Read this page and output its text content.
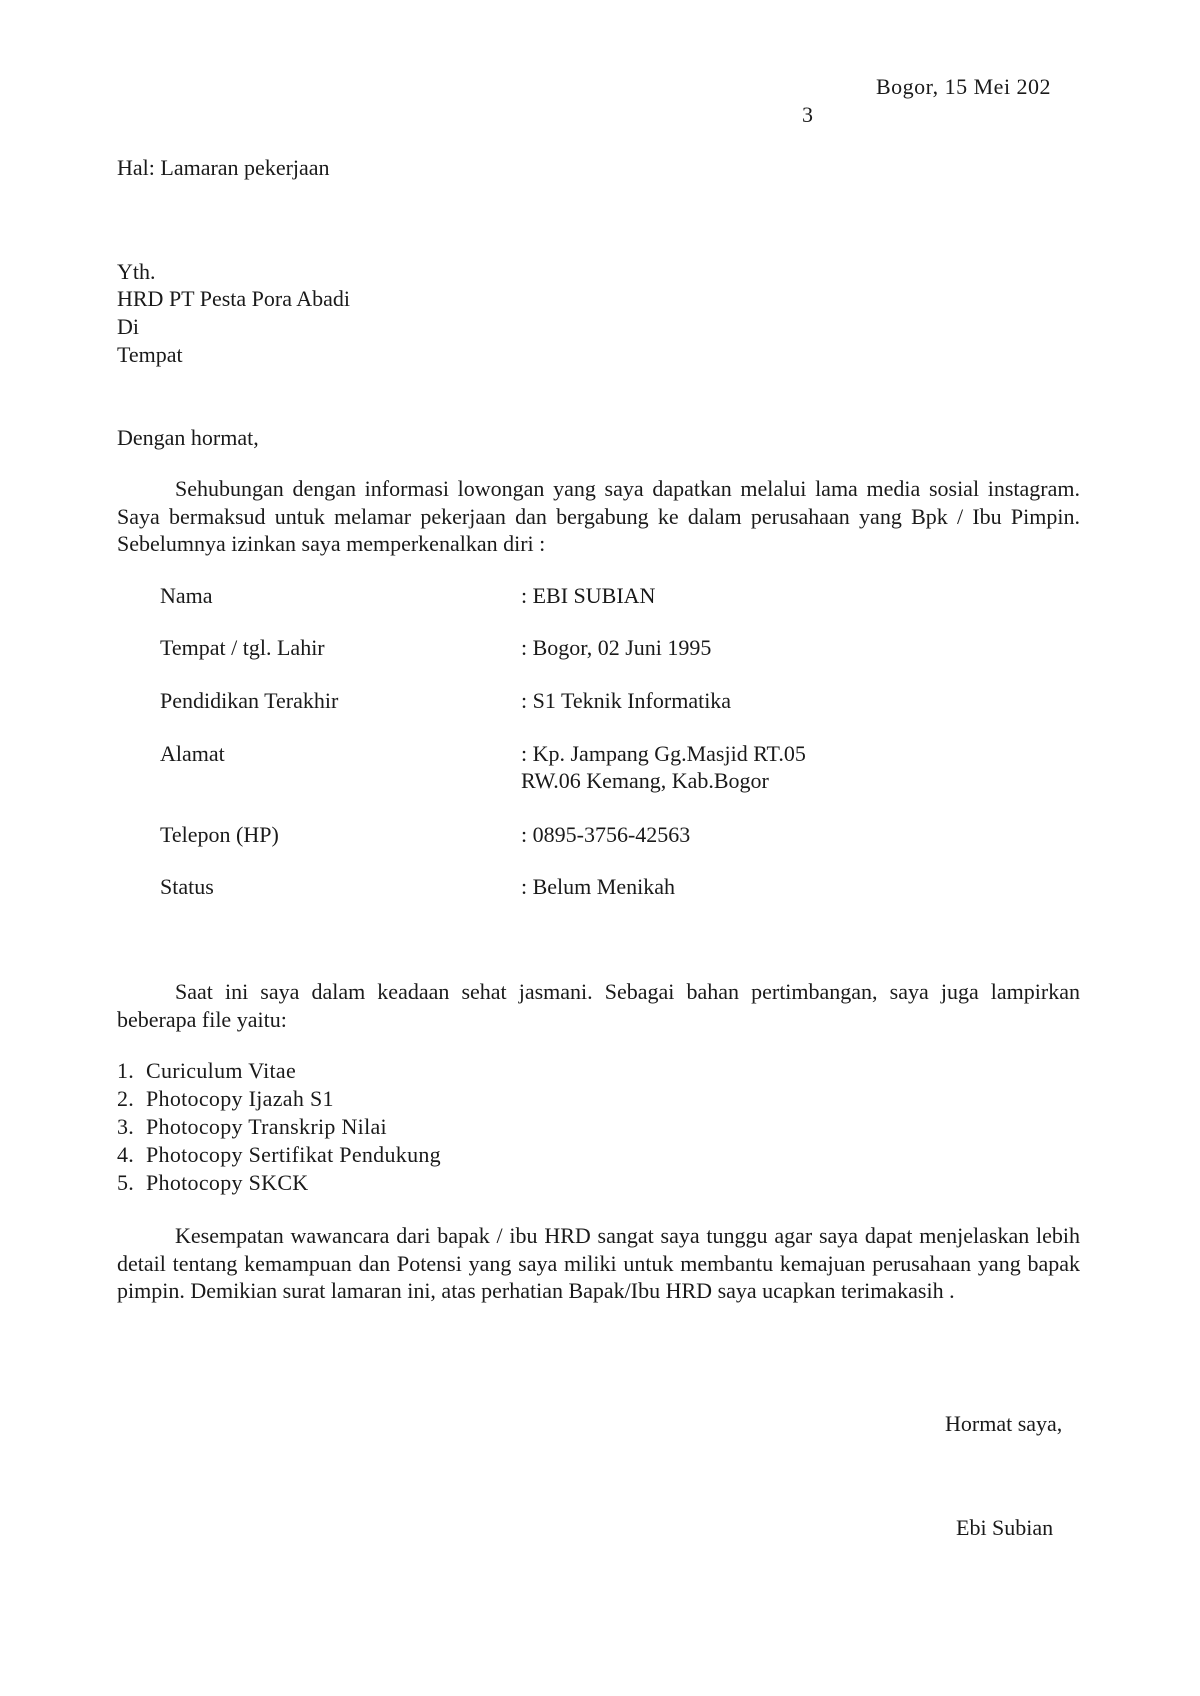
Bogor, 15 Mei 202
3
Hal: Lamaran pekerjaan
Yth.
HRD PT Pesta Pora Abadi
Di
Tempat
Dengan hormat,
Sehubungan dengan informasi lowongan yang saya dapatkan melalui lama media sosial instagram. Saya bermaksud untuk melamar pekerjaan dan bergabung ke dalam perusahaan yang Bpk / Ibu Pimpin. Sebelumnya izinkan saya memperkenalkan diri :
Nama	: EBI SUBIAN
Tempat / tgl. Lahir	: Bogor, 02 Juni 1995
Pendidikan Terakhir	: S1 Teknik Informatika
Alamat	: Kp. Jampang Gg.Masjid RT.05
RW.06 Kemang, Kab.Bogor
Telepon (HP)	: 0895-3756-42563
Status	: Belum Menikah
Saat ini saya dalam keadaan sehat jasmani. Sebagai bahan pertimbangan, saya juga lampirkan beberapa file yaitu:
1. Curiculum Vitae
2. Photocopy Ijazah S1
3. Photocopy Transkrip Nilai
4. Photocopy Sertifikat Pendukung
5. Photocopy SKCK
Kesempatan wawancara dari bapak / ibu HRD sangat saya tunggu agar saya dapat menjelaskan lebih detail tentang kemampuan dan Potensi yang saya miliki untuk membantu kemajuan perusahaan yang bapak pimpin. Demikian surat lamaran ini, atas perhatian Bapak/Ibu HRD saya ucapkan terimakasih .
Hormat saya,
Ebi Subian
